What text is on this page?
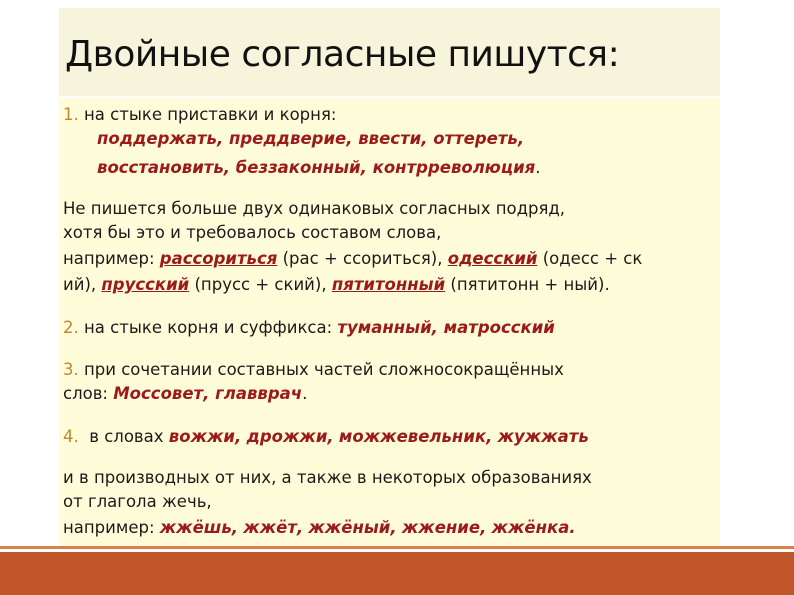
Двойные согласные пишутся:
1. на стыке приставки и корня:
поддержать, преддверие, ввести, оттереть,
восстановить, беззаконный, контрреволюция.
Не пишется больше двух одинаковых согласных подряд,
хотя бы это и требовалось составом слова,
например: рассориться (рас + ссориться), одесский (одесс + ск
ий), прусский (прусс + ский), пятитонный (пятитонн + ный).
2. на стыке корня и суффикса: туманный, матросский
3. при сочетании составных частей сложносокращённых
слов: Моссовет, главврач.
4. в словах вожжи, дрожжи, можжевельник, жужжать
и в производных от них, а также в некоторых образованиях
от глагола жечь,
например: жжёшь, жжёт, жжёный, жжение, жжёнка.
